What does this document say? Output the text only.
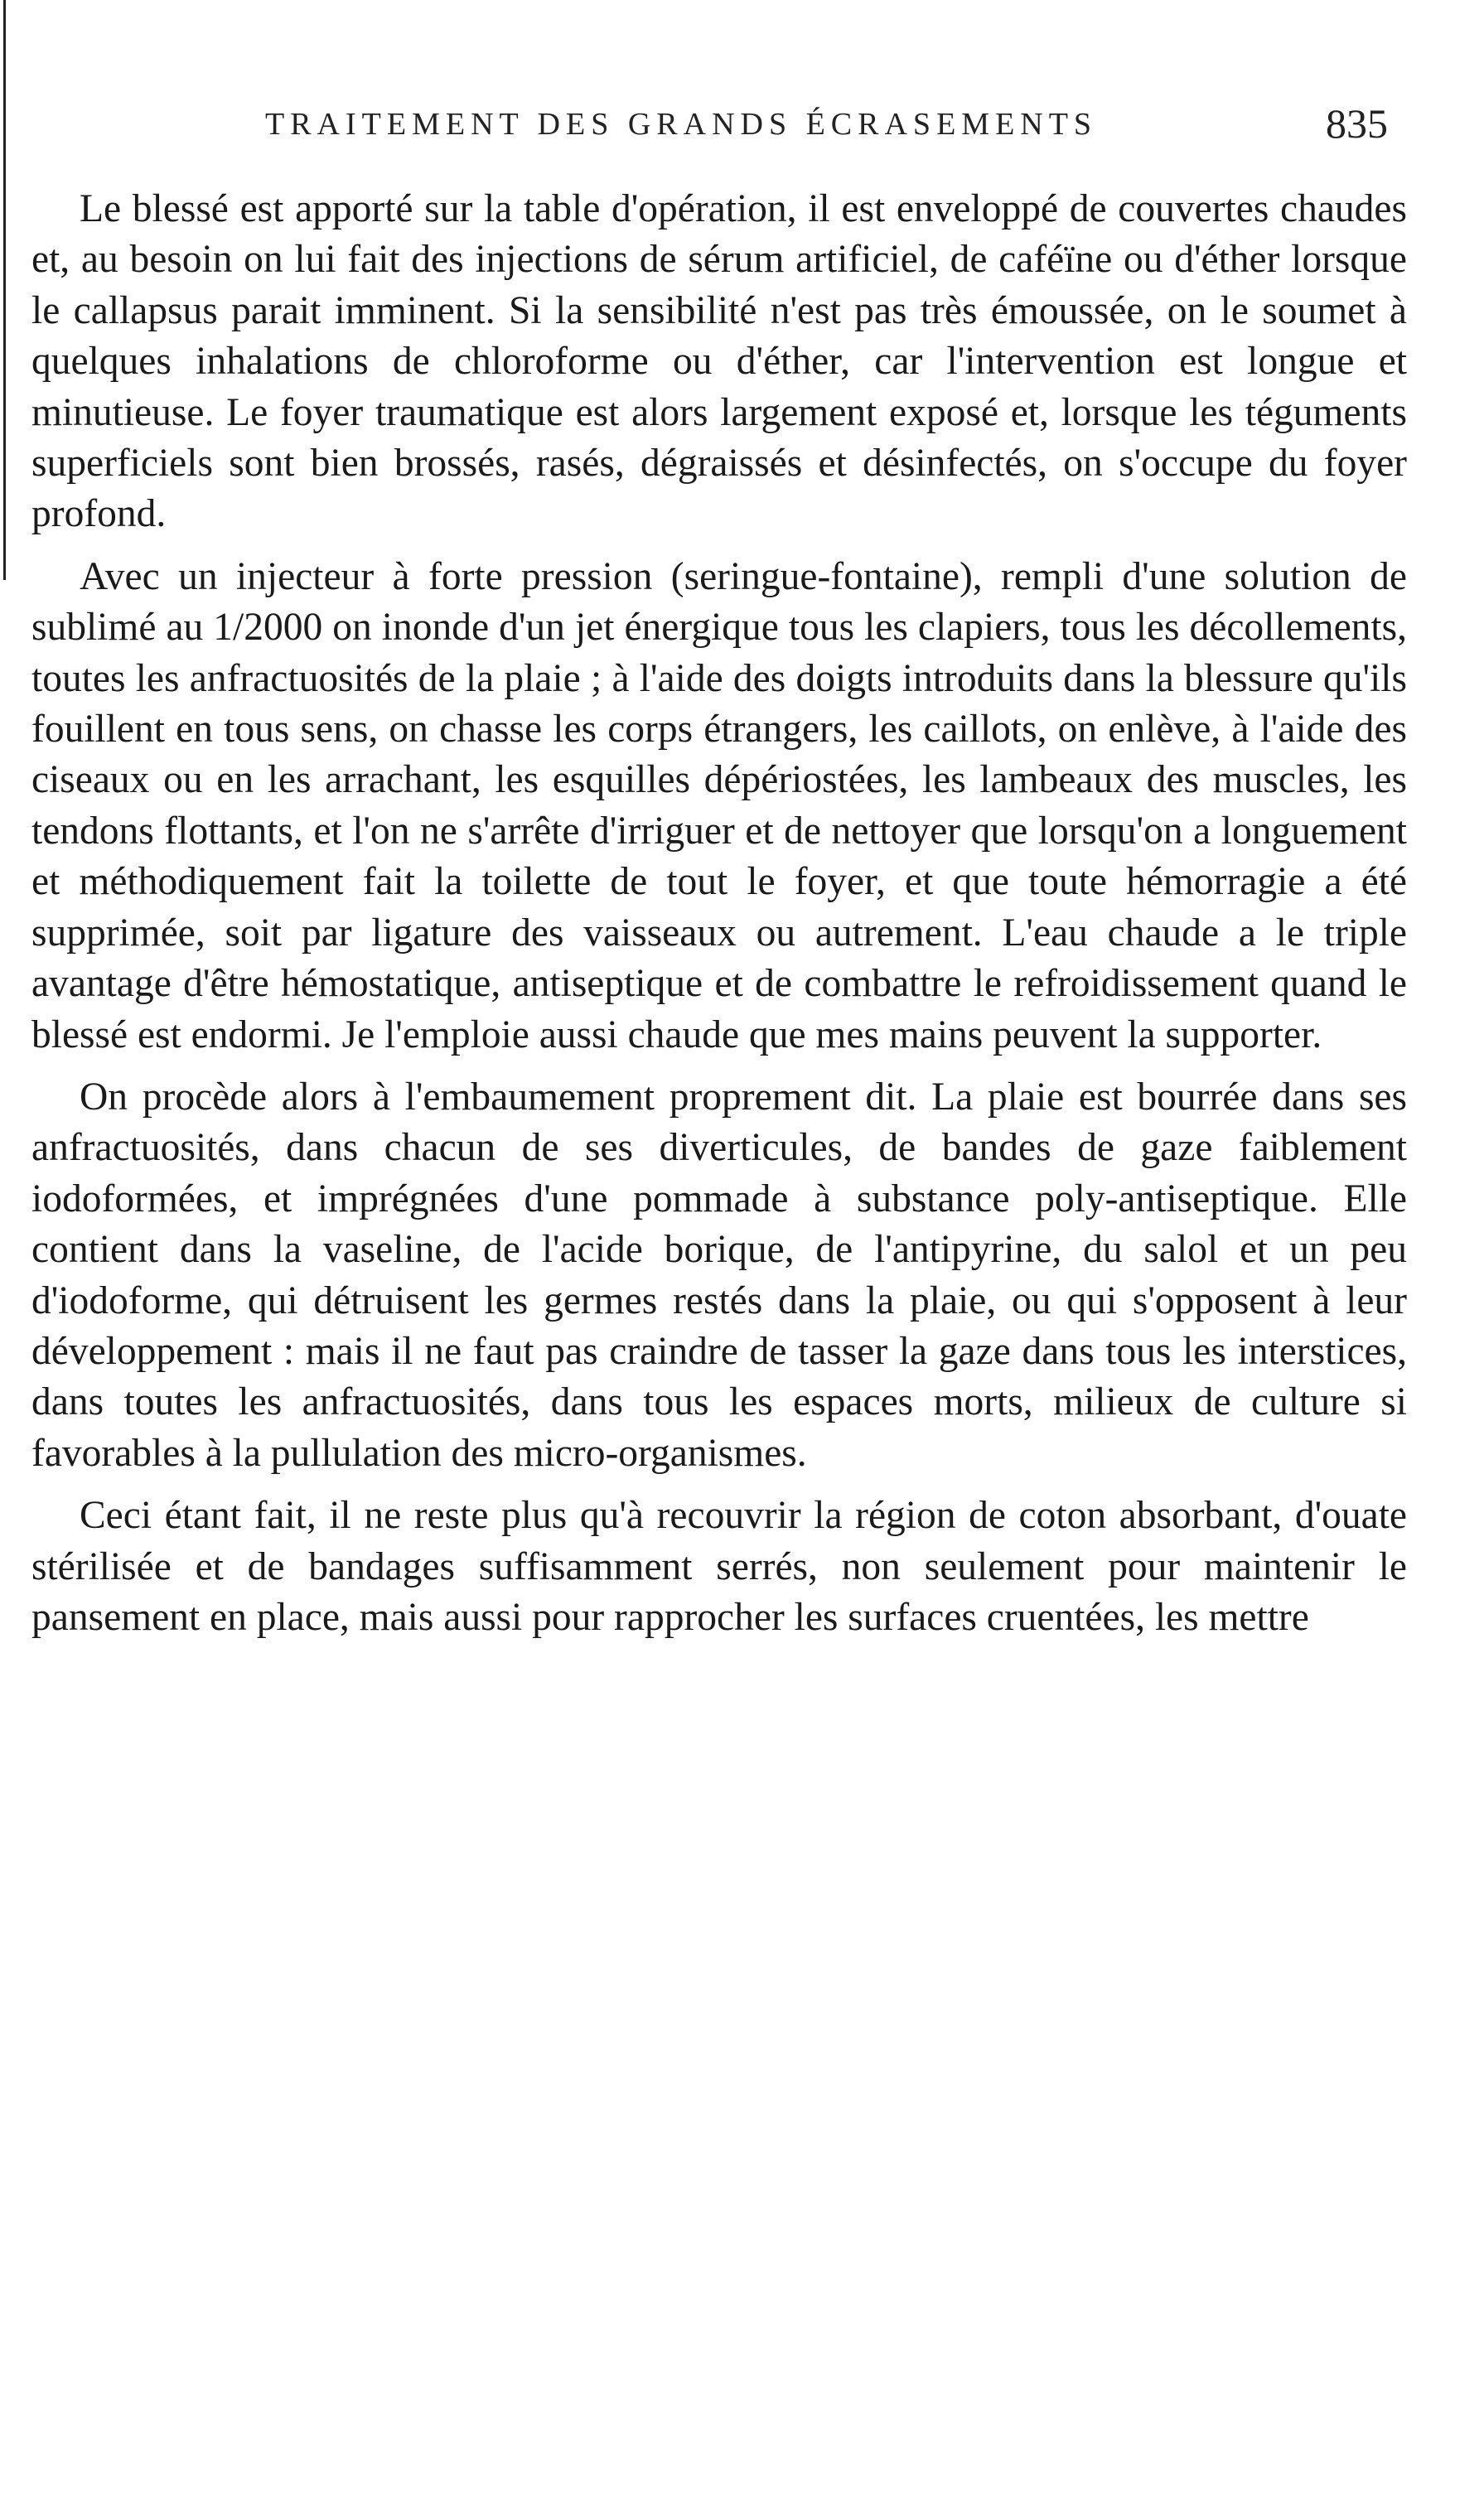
TRAITEMENT DES GRANDS ÉCRASEMENTS	835

Le blessé est apporté sur la table d'opération, il est enveloppé de couvertes chaudes et, au besoin on lui fait des injections de sérum artificiel, de caféïne ou d'éther lorsque le callapsus parait imminent. Si la sensibilité n'est pas très émoussée, on le soumet à quelques inhalations de chloroforme ou d'éther, car l'intervention est longue et minutieuse. Le foyer traumatique est alors largement exposé et, lorsque les téguments superficiels sont bien brossés, rasés, dégraissés et désinfectés, on s'occupe du foyer profond.

Avec un injecteur à forte pression (seringue-fontaine), rempli d'une solution de sublimé au 1/2000 on inonde d'un jet énergique tous les clapiers, tous les décollements, toutes les anfractuosités de la plaie ; à l'aide des doigts introduits dans la blessure qu'ils fouillent en tous sens, on chasse les corps étrangers, les caillots, on enlève, à l'aide des ciseaux ou en les arrachant, les esquilles dépériostées, les lambeaux des muscles, les tendons flottants, et l'on ne s'arrête d'irriguer et de nettoyer que lorsqu'on a longuement et méthodiquement fait la toilette de tout le foyer, et que toute hémorragie a été supprimée, soit par ligature des vaisseaux ou autrement. L'eau chaude a le triple avantage d'être hémostatique, antiseptique et de combattre le refroidissement quand le blessé est endormi. Je l'emploie aussi chaude que mes mains peuvent la supporter.

On procède alors à l'embaumement proprement dit. La plaie est bourrée dans ses anfractuosités, dans chacun de ses diverticules, de bandes de gaze faiblement iodoformées, et imprégnées d'une pommade à substance poly-antiseptique. Elle contient dans la vaseline, de l'acide borique, de l'antipyrine, du salol et un peu d'iodoforme, qui détruisent les germes restés dans la plaie, ou qui s'opposent à leur développement : mais il ne faut pas craindre de tasser la gaze dans tous les interstices, dans toutes les anfractuosités, dans tous les espaces morts, milieux de culture si favorables à la pullulation des micro-organismes.

Ceci étant fait, il ne reste plus qu'à recouvrir la région de coton absorbant, d'ouate stérilisée et de bandages suffisamment serrés, non seulement pour maintenir le pansement en place, mais aussi pour rapprocher les surfaces cruentées, les mettre
